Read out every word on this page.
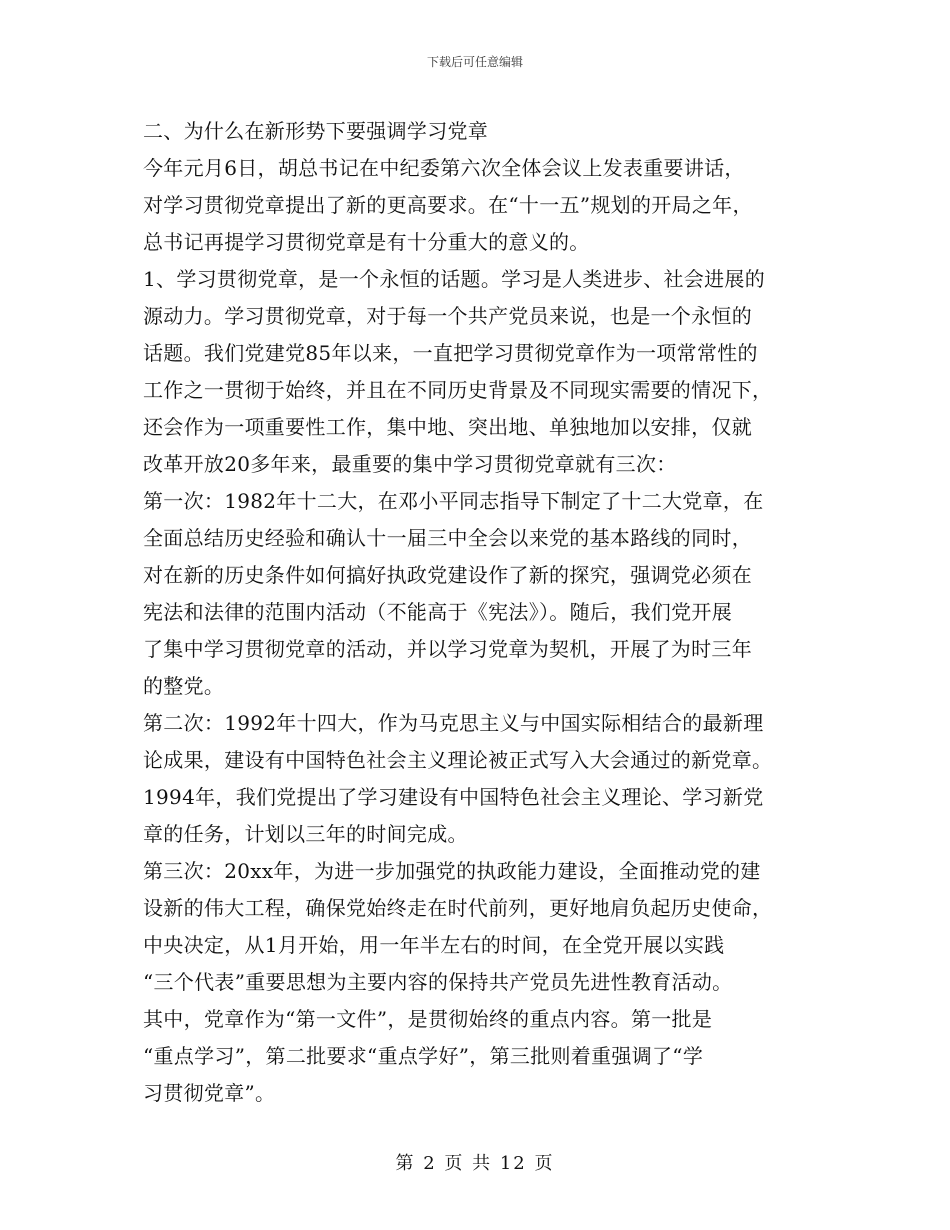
下载后可任意编辑
二、为什么在新形势下要强调学习党章
今年元月6日，胡总书记在中纪委第六次全体会议上发表重要讲话，
对学习贯彻党章提出了新的更高要求。在“十一五”规划的开局之年，
总书记再提学习贯彻党章是有十分重大的意义的。
1、学习贯彻党章，是一个永恒的话题。学习是人类进步、社会进展的
源动力。学习贯彻党章，对于每一个共产党员来说，也是一个永恒的
话题。我们党建党85年以来，一直把学习贯彻党章作为一项常常性的
工作之一贯彻于始终，并且在不同历史背景及不同现实需要的情况下，
还会作为一项重要性工作，集中地、突出地、单独地加以安排，仅就
改革开放20多年来，最重要的集中学习贯彻党章就有三次：
第一次：1982年十二大，在邓小平同志指导下制定了十二大党章，在
全面总结历史经验和确认十一届三中全会以来党的基本路线的同时，
对在新的历史条件如何搞好执政党建设作了新的探究，强调党必须在
宪法和法律的范围内活动（不能高于《宪法》）。随后，我们党开展
了集中学习贯彻党章的活动，并以学习党章为契机，开展了为时三年
的整党。
第二次：1992年十四大，作为马克思主义与中国实际相结合的最新理
论成果，建设有中国特色社会主义理论被正式写入大会通过的新党章。
1994年，我们党提出了学习建设有中国特色社会主义理论、学习新党
章的任务，计划以三年的时间完成。
第三次：20xx年，为进一步加强党的执政能力建设，全面推动党的建
设新的伟大工程，确保党始终走在时代前列，更好地肩负起历史使命，
中央决定，从1月开始，用一年半左右的时间，在全党开展以实践
“三个代表”重要思想为主要内容的保持共产党员先进性教育活动。
其中，党章作为“第一文件”，是贯彻始终的重点内容。第一批是
“重点学习”，第二批要求“重点学好”，第三批则着重强调了“学
习贯彻党章”。
第 2 页 共 12 页
